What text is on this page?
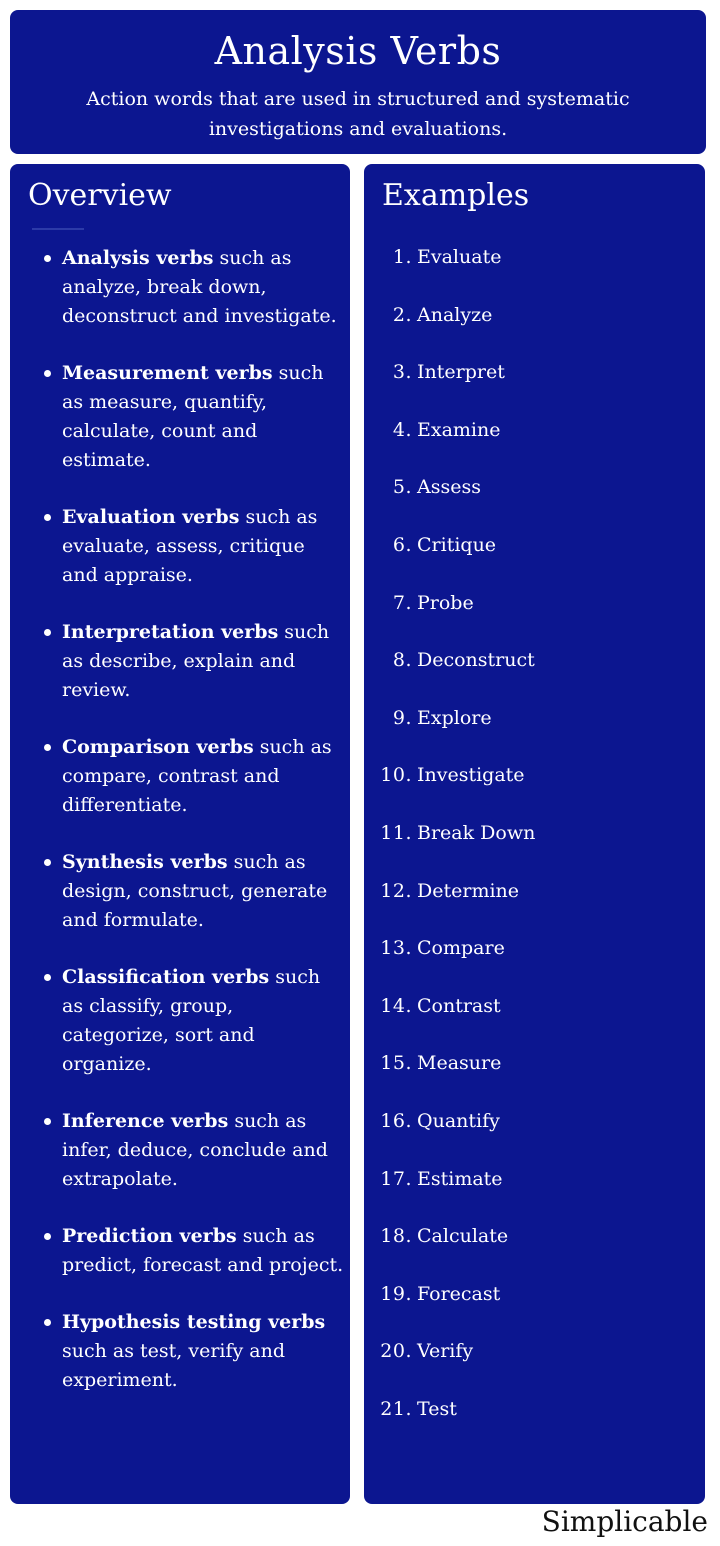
Analysis Verbs
Action words that are used in structured and systematic investigations and evaluations.
Overview
Analysis verbs such as analyze, break down, deconstruct and investigate.
Measurement verbs such as measure, quantify, calculate, count and estimate.
Evaluation verbs such as evaluate, assess, critique and appraise.
Interpretation verbs such as describe, explain and review.
Comparison verbs such as compare, contrast and differentiate.
Synthesis verbs such as design, construct, generate and formulate.
Classification verbs such as classify, group, categorize, sort and organize.
Inference verbs such as infer, deduce, conclude and extrapolate.
Prediction verbs such as predict, forecast and project.
Hypothesis testing verbs such as test, verify and experiment.
Examples
1. Evaluate
2. Analyze
3. Interpret
4. Examine
5. Assess
6. Critique
7. Probe
8. Deconstruct
9. Explore
10. Investigate
11. Break Down
12. Determine
13. Compare
14. Contrast
15. Measure
16. Quantify
17. Estimate
18. Calculate
19. Forecast
20. Verify
21. Test
Simplicable
